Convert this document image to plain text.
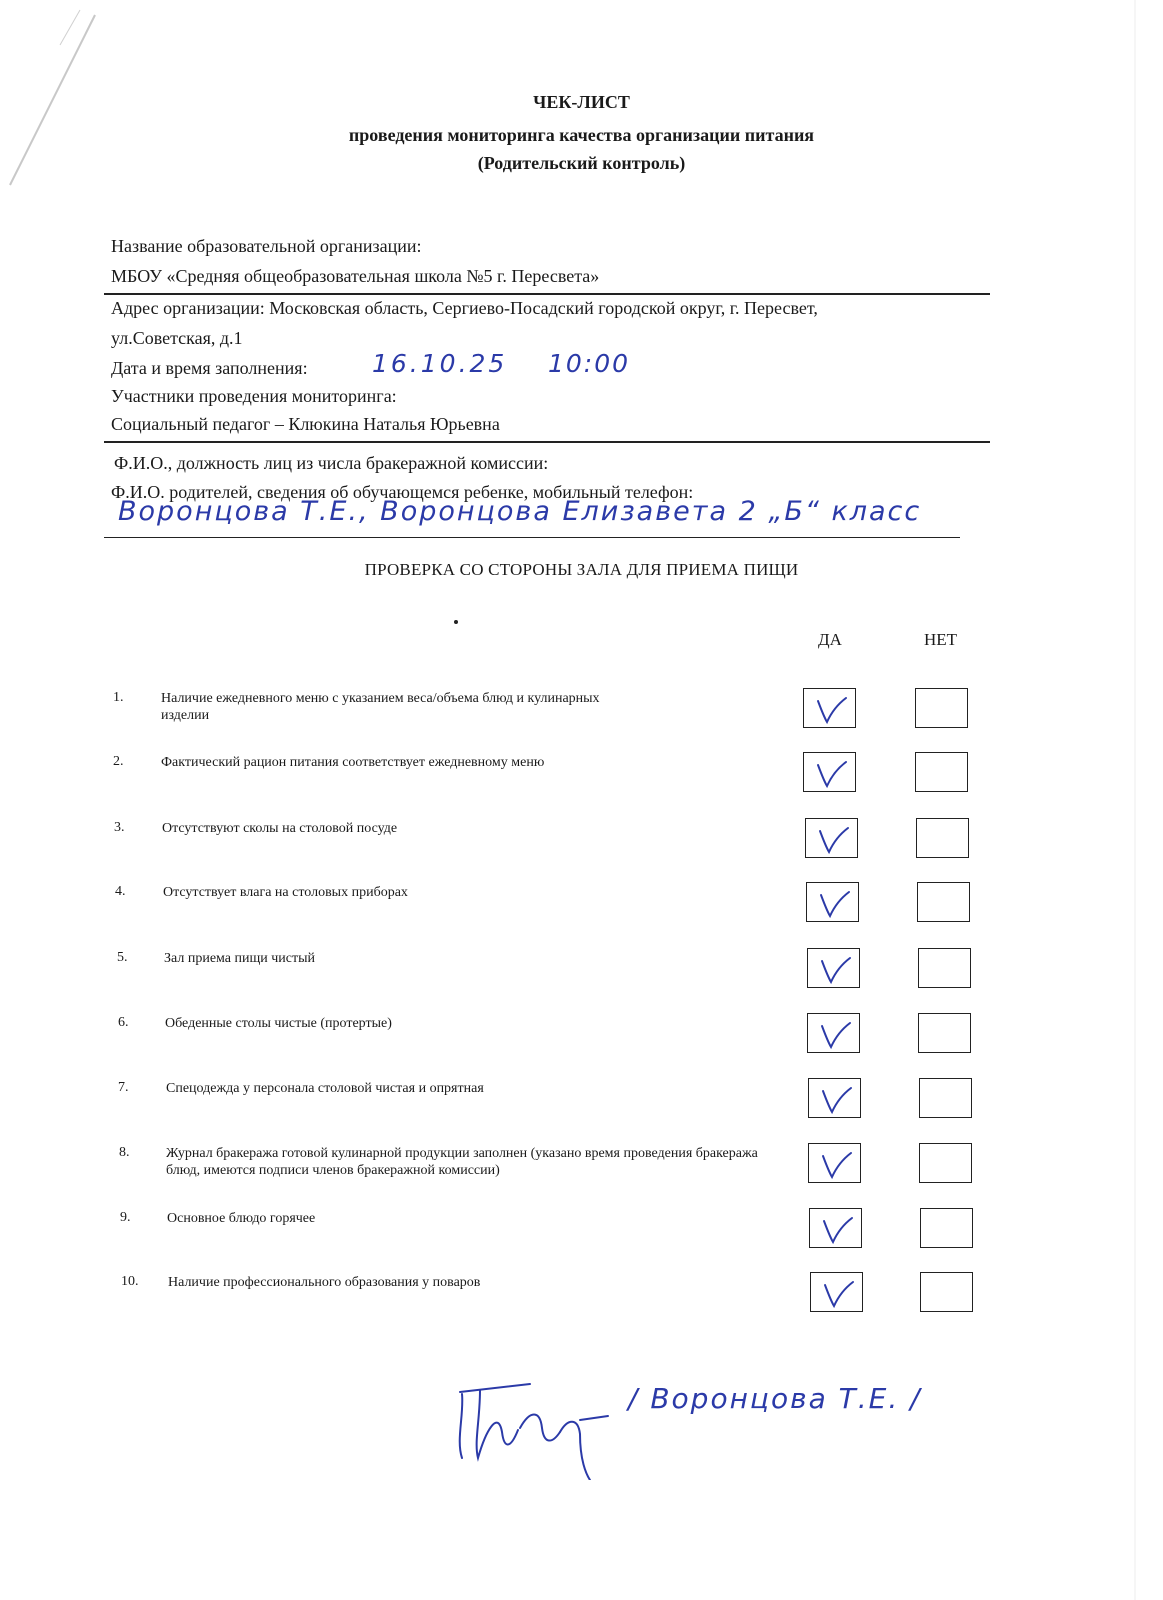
ЧЕК-ЛИСТ
проведения мониторинга качества организации питания
(Родительский контроль)
Название образовательной организации:
МБОУ «Средняя общеобразовательная школа №5 г. Пересвета»
Адрес организации: Московская область, Сергиево-Посадский городской округ, г. Пересвет,
ул.Советская, д.1
Дата и время заполнения:	16.10.25 10:00
Участники проведения мониторинга:
Социальный педагог – Клюкина Наталья Юрьевна
Ф.И.О., должность лиц из числа бракеражной комиссии:
Ф.И.О. родителей, сведения об обучающемся ребенке, мобильный телефон:
Воронцова Т.Е., Воронцова Елизавета 2 „Б“ класс
ПРОВЕРКА СО СТОРОНЫ ЗАЛА ДЛЯ ПРИЕМА ПИЩИ
ДА	НЕТ
1.	Наличие ежедневного меню с указанием веса/объема блюд и кулинарных изделии
2.	Фактический рацион питания соответствует ежедневному меню
3.	Отсутствуют сколы на столовой посуде
4.	Отсутствует влага на столовых приборах
5.	Зал приема пищи чистый
6.	Обеденные столы чистые (протертые)
7.	Спецодежда у персонала столовой чистая и опрятная
8.	Журнал бракеража готовой кулинарной продукции заполнен (указано время проведения бракеража блюд, имеются подписи членов бракеражной комиссии)
9.	Основное блюдо горячее
10. Наличие профессионального образования у поваров
/ Воронцова Т.Е. /
